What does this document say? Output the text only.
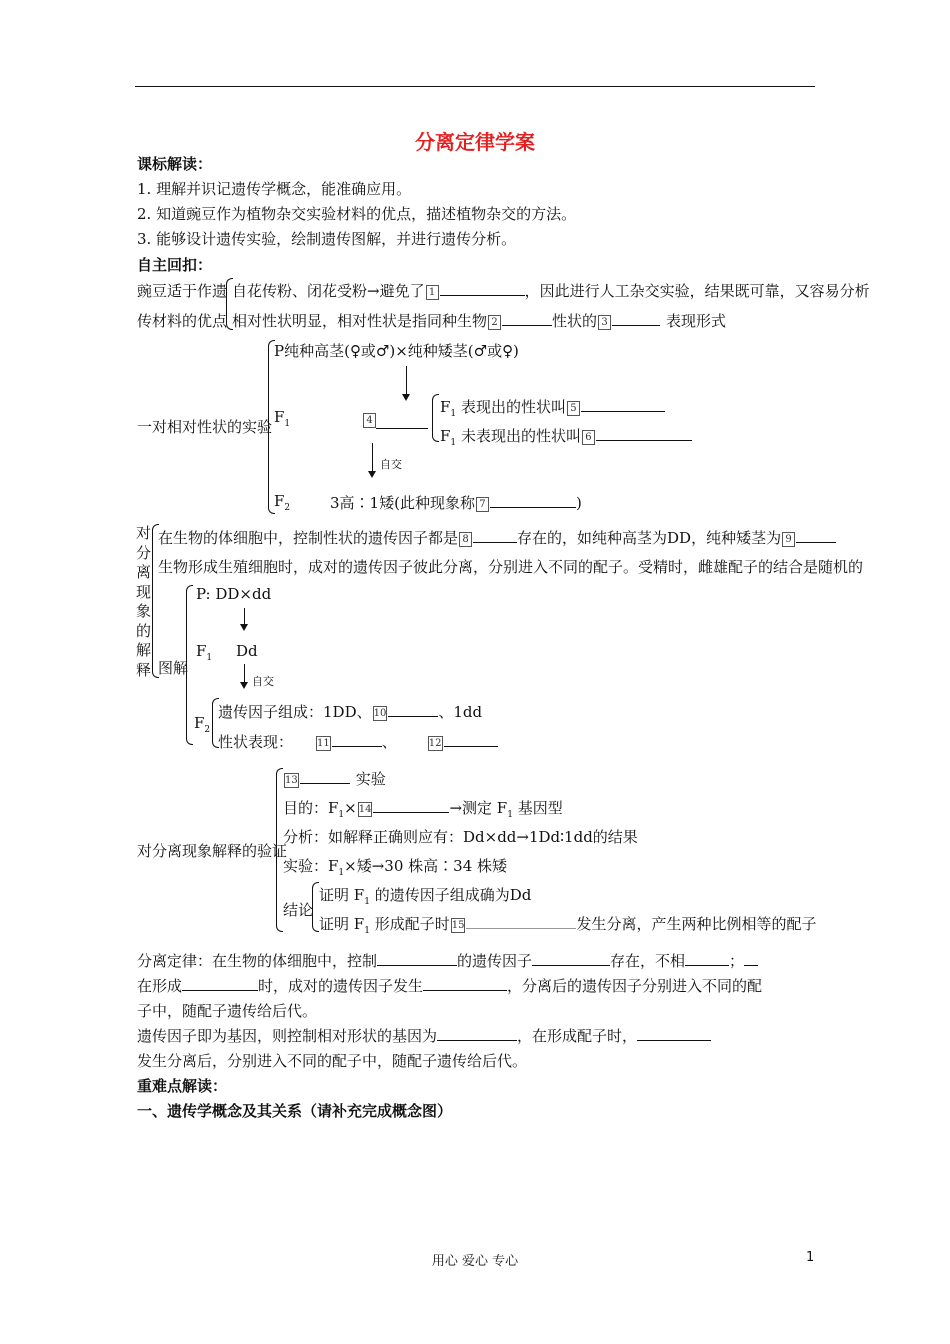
分离定律学案
课标解读：
1. 理解并识记遗传学概念，能准确应用。
2. 知道豌豆作为植物杂交实验材料的优点，描述植物杂交的方法。
3. 能够设计遗传实验，绘制遗传图解，并进行遗传分析。
自主回扣：
豌豆适于作遗
传材料的优点
自花传粉、闭花受粉→避免了 1	，因此进行人工杂交实验，结果既可靠，又容易分析
相对性状明显，相对性状是指同种生物 2	性状的 3	表现形式
一对相对性状的实验
P纯种高茎(♀或♂)×纯种矮茎(♂或♀)
$F_1$	4
$F_1$ 表现出的性状叫 5
$F_1$ 未表现出的性状叫 6
自交
$F_2$	3高∶1矮(此种现象称 7	)
对
分
离
现
象
的
解
释
在生物的体细胞中，控制性状的遗传因子都是 8	存在的，如纯种高茎为DD，纯种矮茎为 9
生物形成生殖细胞时，成对的遗传因子彼此分离，分别进入不同的配子。受精时，雌雄配子的结合是随机的
图解
P: DD×dd
$F_1$ Dd
自交
$F_2$
遗传因子组成：1DD、 10	、1dd
性状表现： 11	、	12
对分离现象解释的验证
13	实验
目的：$F_1\times 14$	→测定 $F_1$ 基因型
分析：如解释正确则应有：Dd×dd→1Dd∶1dd的结果
实验：$F_1\times$矮→30 株高∶34 株矮
结论
证明 $F_1$ 的遗传因子组成确为Dd
证明 $F_1$ 形成配子时 15	发生分离，产生两种比例相等的配子
分离定律：在生物的体细胞中，控制	的遗传因子	存在，不相	；
在形成	时，成对的遗传因子发生	，分离后的遗传因子分别进入不同的配
子中，随配子遗传给后代。
遗传因子即为基因，则控制相对形状的基因为	，在形成配子时，
发生分离后，分别进入不同的配子中，随配子遗传给后代。
重难点解读：
一、遗传学概念及其关系（请补充完成概念图）
用心 爱心 专心	1
